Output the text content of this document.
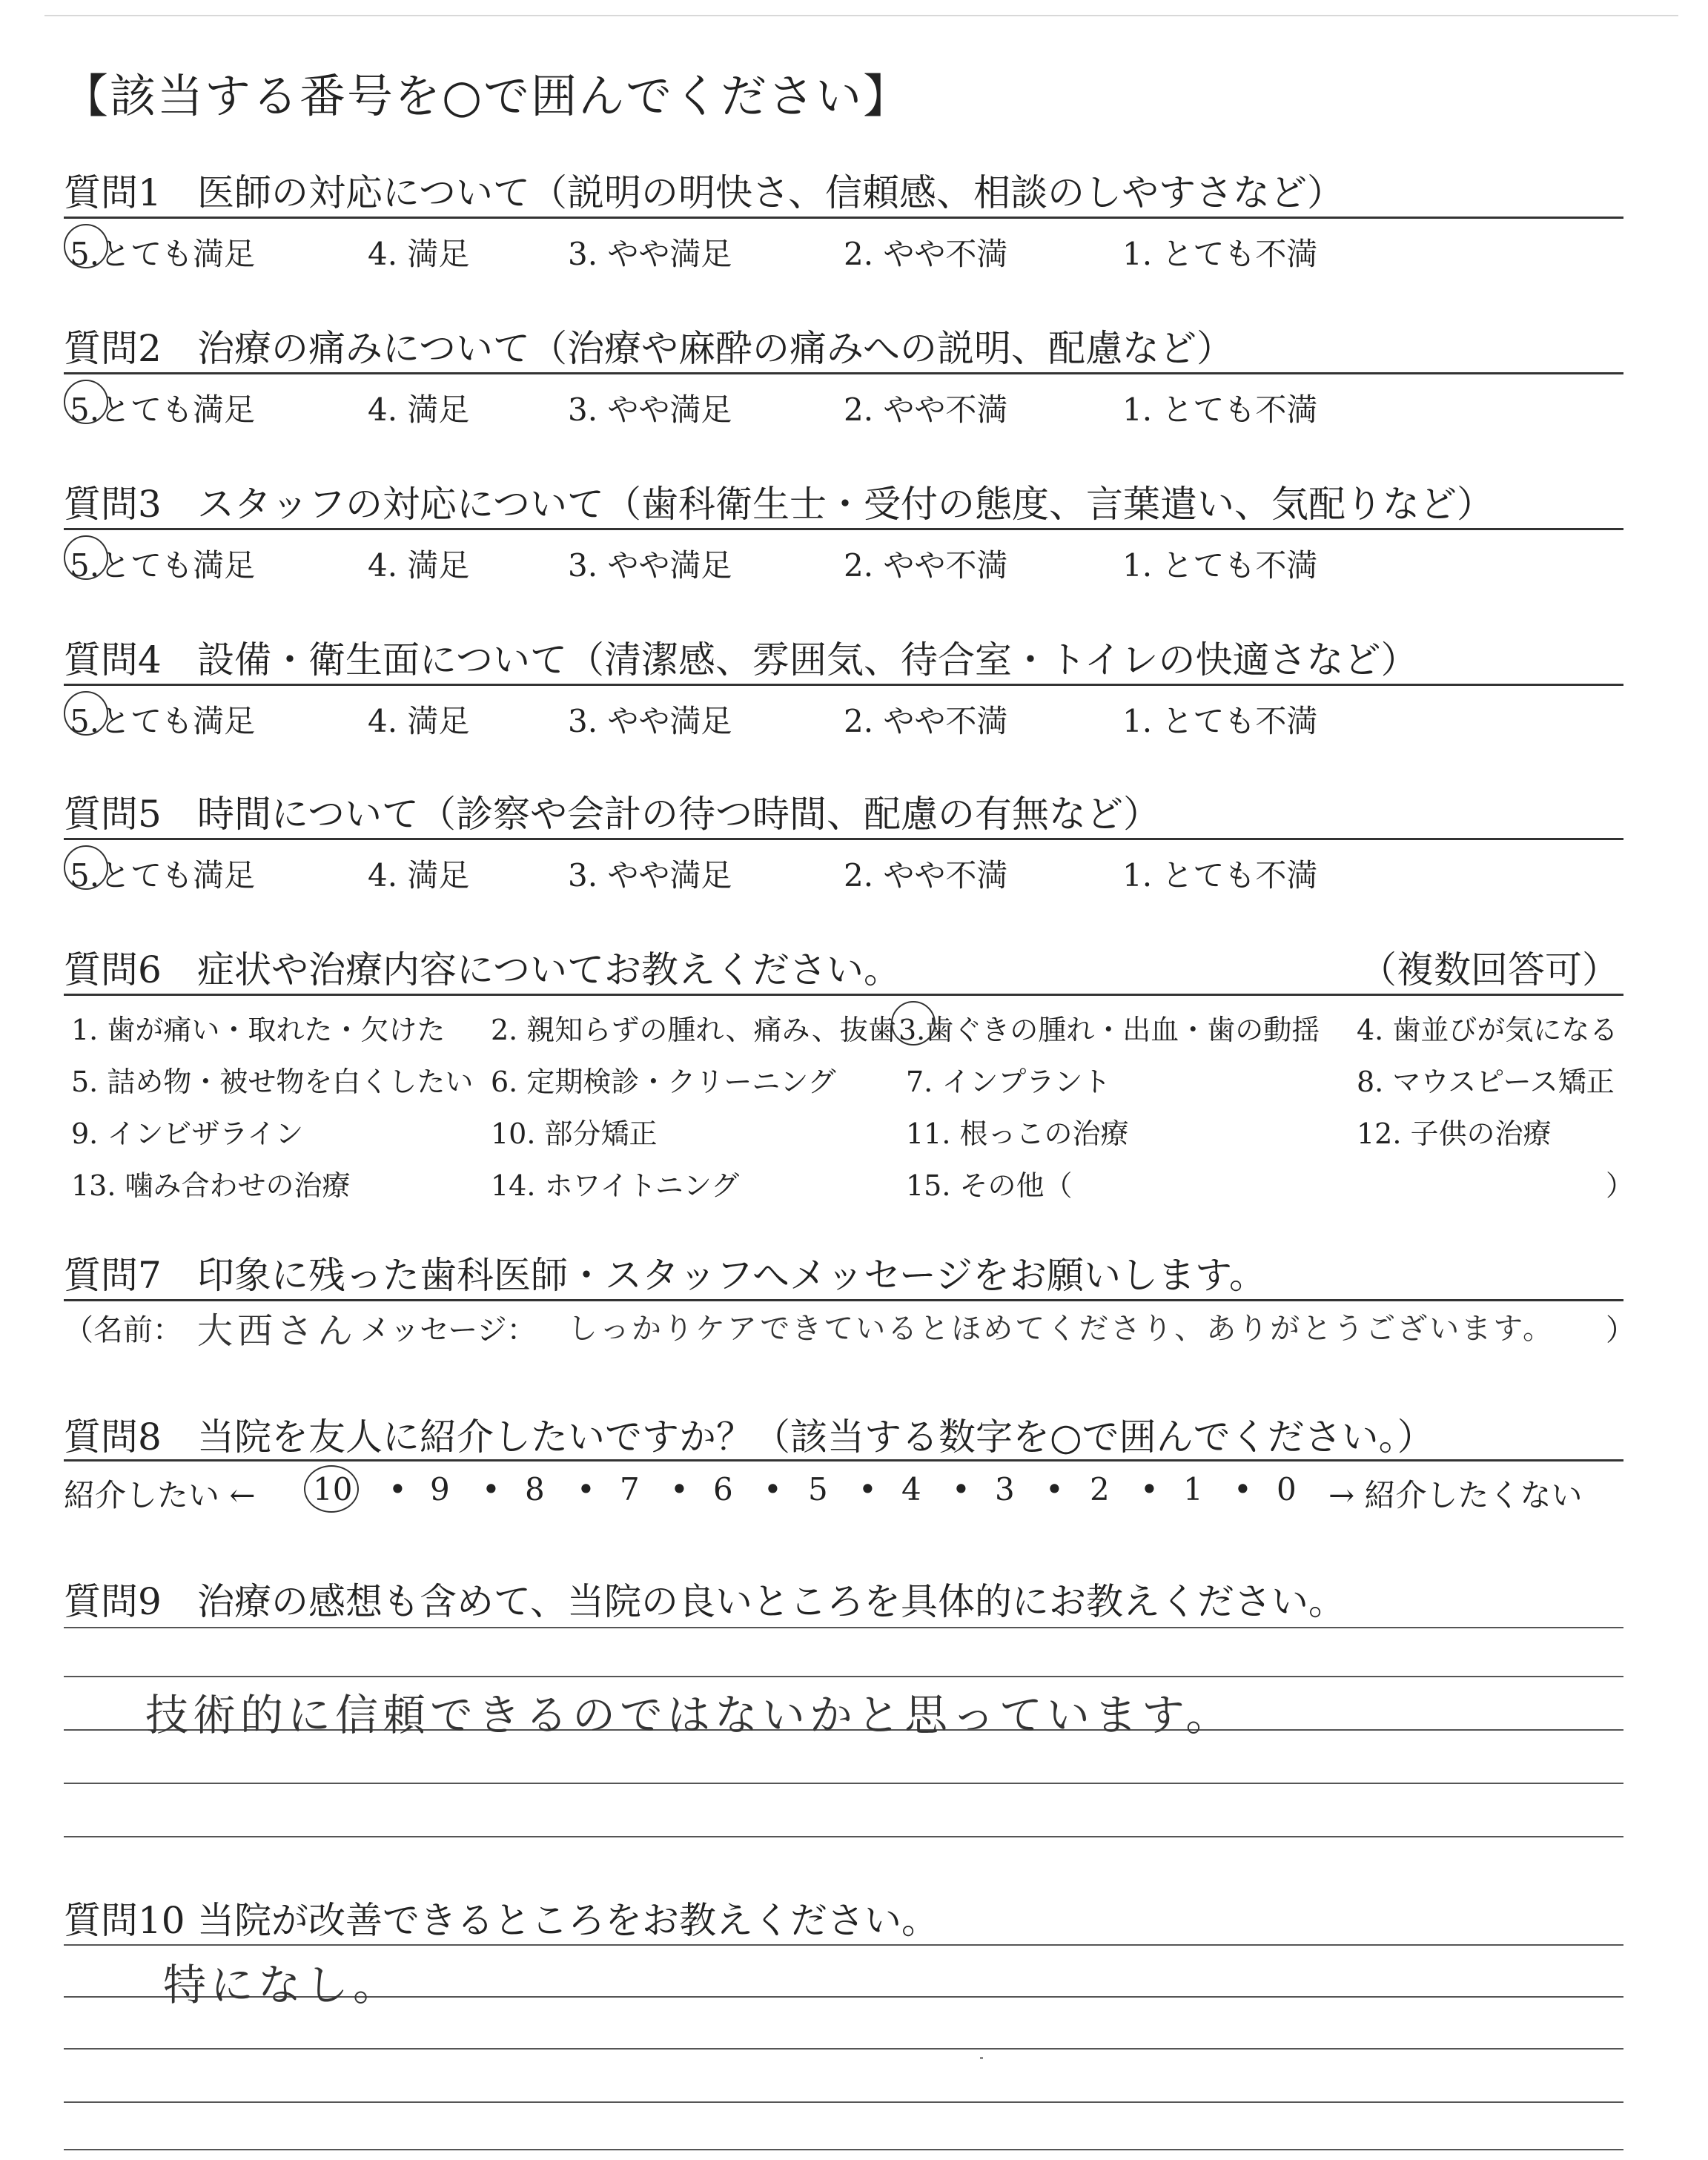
【該当する番号を○で囲んでください】
質問1 医師の対応について（説明の明快さ、信頼感、相談のしやすさなど）
5.とても満足	4. 満足	3. やや満足	2. やや不満	1. とても不満
質問2 治療の痛みについて（治療や麻酔の痛みへの説明、配慮など）
5.とても満足	4. 満足	3. やや満足	2. やや不満	1. とても不満
質問3 スタッフの対応について（歯科衛生士・受付の態度、言葉遣い、気配りなど）
5.とても満足	4. 満足	3. やや満足	2. やや不満	1. とても不満
質問4 設備・衛生面について（清潔感、雰囲気、待合室・トイレの快適さなど）
5.とても満足	4. 満足	3. やや満足	2. やや不満	1. とても不満
質問5 時間について（診察や会計の待つ時間、配慮の有無など）
5.とても満足	4. 満足	3. やや満足	2. やや不満	1. とても不満
質問6 症状や治療内容についてお教えください。	（複数回答可）
1. 歯が痛い・取れた・欠けた 2. 親知らずの腫れ、痛み、抜歯 3.歯ぐきの腫れ・出血・歯の動揺 4. 歯並びが気になる
5. 詰め物・被せ物を白くしたい 6. 定期検診・クリーニング 7. インプラント	8. マウスピース矯正
9. インビザライン	10. 部分矯正	11. 根っこの治療	12. 子供の治療
13. 噛み合わせの治療	14. ホワイトニング	15. その他（	）
質問7 印象に残った歯科医師・スタッフへメッセージをお願いします。
（名前： 大西さん メッセージ： しっかりケアできているとほめてくださり、ありがとうございます。 ）
質問8 当院を友人に紹介したいですか？（該当する数字を○で囲んでください。）
紹介したい ← 10 • 9 • 8 • 7 • 6 • 5 • 4 • 3 • 2 • 1 • 0 → 紹介したくない
質問9 治療の感想も含めて、当院の良いところを具体的にお教えください。
技術的に信頼できるのではないかと思っています。
質問10 当院が改善できるところをお教えください。
特になし。
